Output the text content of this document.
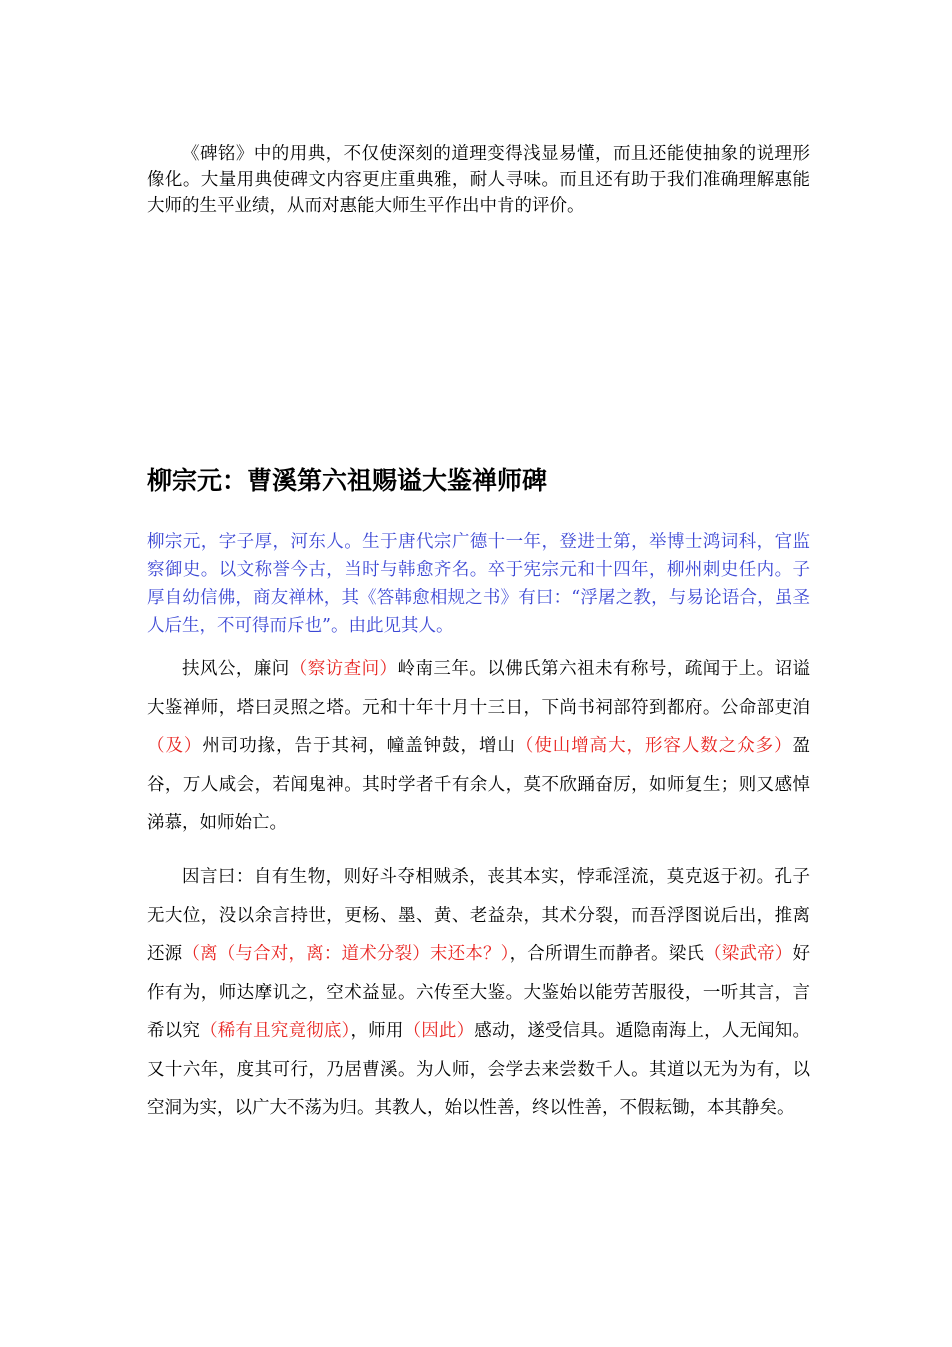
《碑铭》中的用典，不仅使深刻的道理变得浅显易懂，而且还能使抽象的说理形像化。大量用典使碑文内容更庄重典雅，耐人寻味。而且还有助于我们准确理解惠能大师的生平业绩，从而对惠能大师生平作出中肯的评价。

柳宗元：曹溪第六祖赐谥大鉴禅师碑

柳宗元，字子厚，河东人。生于唐代宗广德十一年，登进士第，举博士鸿词科，官监察御史。以文称誉今古，当时与韩愈齐名。卒于宪宗元和十四年，柳州刺史任内。子厚自幼信佛，商友禅林，其《答韩愈相规之书》有曰：“浮屠之教，与易论语合，虽圣人后生，不可得而斥也”。由此见其人。

扶风公，廉问（察访查问）岭南三年。以佛氏第六祖未有称号，疏闻于上。诏谥大鉴禅师，塔曰灵照之塔。元和十年十月十三日，下尚书祠部符到都府。公命部吏洎（及）州司功掾，告于其祠，幢盖钟鼓，增山（使山增高大，形容人数之众多）盈谷，万人咸会，若闻鬼神。其时学者千有余人，莫不欣踊奋厉，如师复生；则又感悼涕慕，如师始亡。

因言曰：自有生物，则好斗夺相贼杀，丧其本实，悖乖淫流，莫克返于初。孔子无大位，没以余言持世，更杨、墨、黄、老益杂，其术分裂，而吾浮图说后出，推离还源（离（与合对，离：道术分裂）末还本？），合所谓生而静者。梁氏（梁武帝）好作有为，师达摩讥之，空术益显。六传至大鉴。大鉴始以能劳苦服役，一听其言，言希以究（稀有且究竟彻底），师用（因此）感动，遂受信具。遁隐南海上，人无闻知。又十六年，度其可行，乃居曹溪。为人师，会学去来尝数千人。其道以无为为有，以空洞为实，以广大不荡为归。其教人，始以性善，终以性善，不假耘锄，本其静矣。
